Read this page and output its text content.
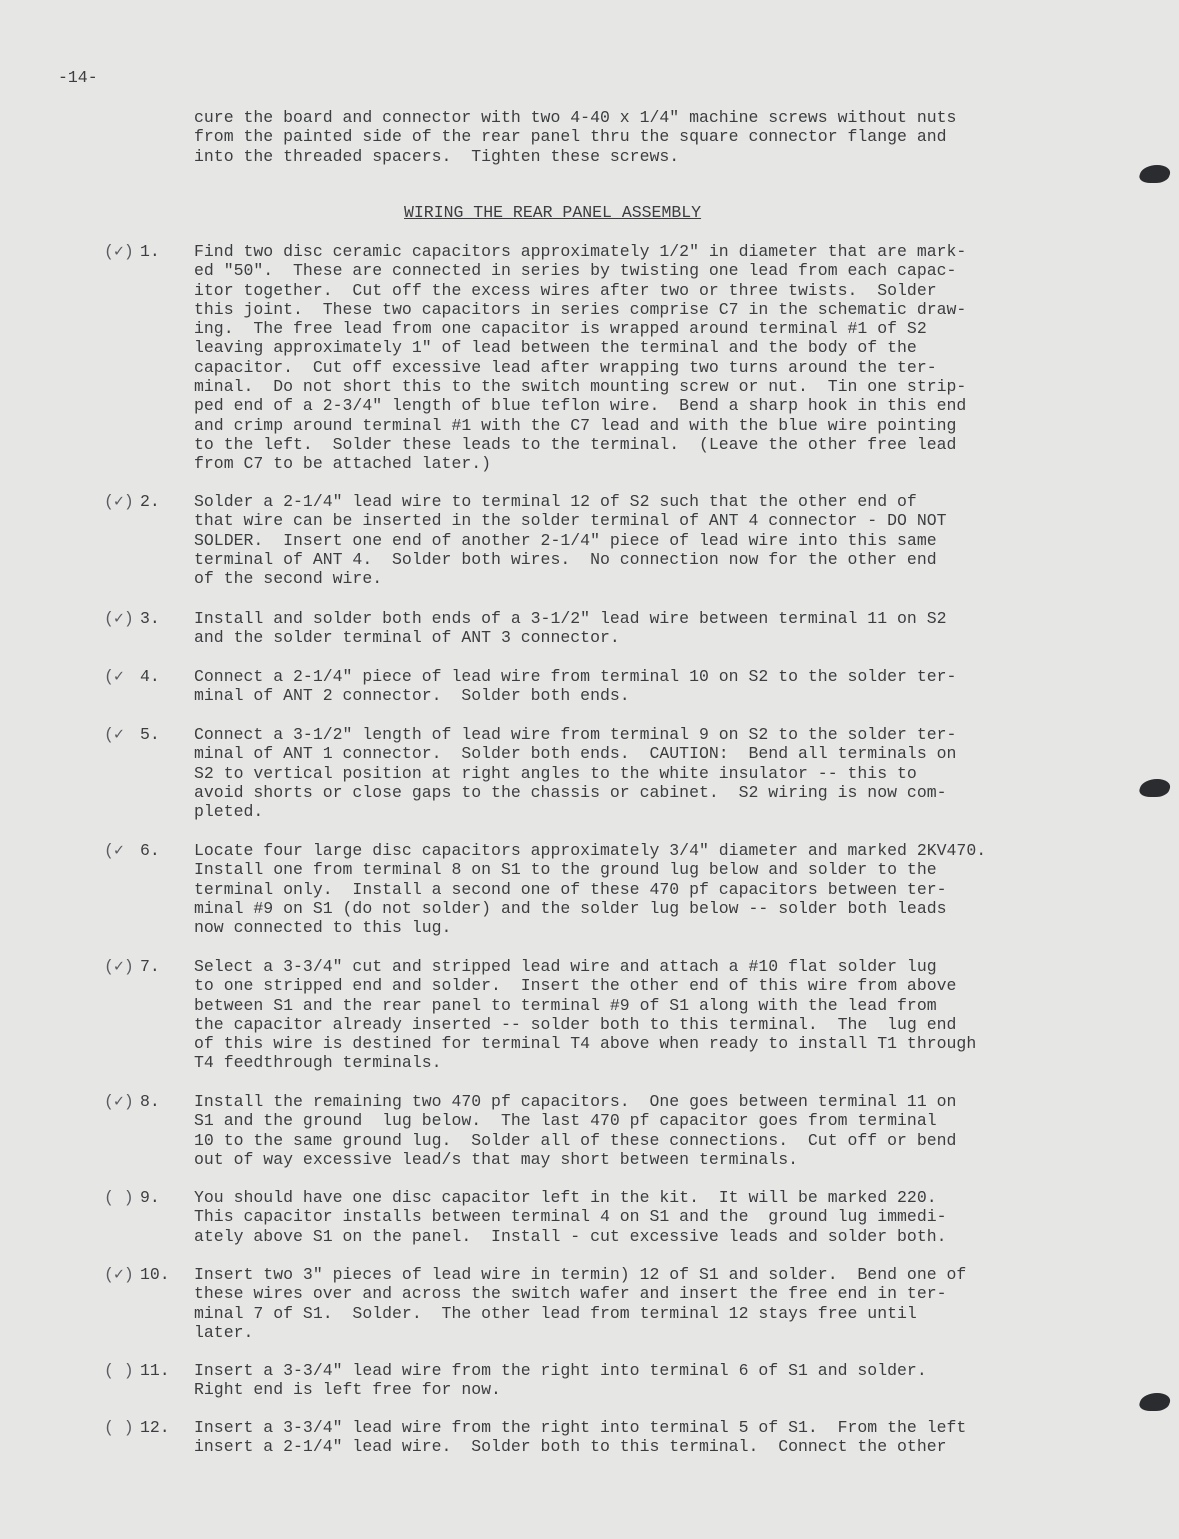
-14-
cure the board and connector with two 4-40 x 1/4" machine screws without nuts
from the painted side of the rear panel thru the square connector flange and
into the threaded spacers.  Tighten these screws.
WIRING THE REAR PANEL ASSEMBLY
(✓) 1.	Find two disc ceramic capacitors approximately 1/2" in diameter that are mark-
ed "50".  These are connected in series by twisting one lead from each capac-
itor together.  Cut off the excess wires after two or three twists.  Solder
this joint.  These two capacitors in series comprise C7 in the schematic draw-
ing.  The free lead from one capacitor is wrapped around terminal #1 of S2
leaving approximately 1" of lead between the terminal and the body of the
capacitor.  Cut off excessive lead after wrapping two turns around the ter-
minal.  Do not short this to the switch mounting screw or nut.  Tin one strip-
ped end of a 2-3/4" length of blue teflon wire.  Bend a sharp hook in this end
and crimp around terminal #1 with the C7 lead and with the blue wire pointing
to the left.  Solder these leads to the terminal.  (Leave the other free lead
from C7 to be attached later.)
(✓) 2.	Solder a 2-1/4" lead wire to terminal 12 of S2 such that the other end of
that wire can be inserted in the solder terminal of ANT 4 connector - DO NOT
SOLDER.  Insert one end of another 2-1/4" piece of lead wire into this same
terminal of ANT 4.  Solder both wires.  No connection now for the other end
of the second wire.
(✓) 3.	Install and solder both ends of a 3-1/2" lead wire between terminal 11 on S2
and the solder terminal of ANT 3 connector.
(✓ 4.	Connect a 2-1/4" piece of lead wire from terminal 10 on S2 to the solder ter-
minal of ANT 2 connector.  Solder both ends.
(✓ 5.	Connect a 3-1/2" length of lead wire from terminal 9 on S2 to the solder ter-
minal of ANT 1 connector.  Solder both ends.  CAUTION:  Bend all terminals on
S2 to vertical position at right angles to the white insulator -- this to
avoid shorts or close gaps to the chassis or cabinet.  S2 wiring is now com-
pleted.
(✓ 6.	Locate four large disc capacitors approximately 3/4" diameter and marked 2KV470.
Install one from terminal 8 on S1 to the ground lug below and solder to the
terminal only.  Install a second one of these 470 pf capacitors between ter-
minal #9 on S1 (do not solder) and the solder lug below -- solder both leads
now connected to this lug.
(✓) 7.	Select a 3-3/4" cut and stripped lead wire and attach a #10 flat solder lug
to one stripped end and solder.  Insert the other end of this wire from above
between S1 and the rear panel to terminal #9 of S1 along with the lead from
the capacitor already inserted -- solder both to this terminal.  The  lug end
of this wire is destined for terminal T4 above when ready to install T1 through
T4 feedthrough terminals.
(✓) 8.	Install the remaining two 470 pf capacitors.  One goes between terminal 11 on
S1 and the ground  lug below.  The last 470 pf capacitor goes from terminal
10 to the same ground lug.  Solder all of these connections.  Cut off or bend
out of way excessive lead/s that may short between terminals.
( ) 9.	You should have one disc capacitor left in the kit.  It will be marked 220.
This capacitor installs between terminal 4 on S1 and the  ground lug immedi-
ately above S1 on the panel.  Install - cut excessive leads and solder both.
(✓) 10.	Insert two 3" pieces of lead wire in termin) 12 of S1 and solder.  Bend one of
these wires over and across the switch wafer and insert the free end in ter-
minal 7 of S1.  Solder.  The other lead from terminal 12 stays free until
later.
( ) 11.	Insert a 3-3/4" lead wire from the right into terminal 6 of S1 and solder.
Right end is left free for now.
( ) 12.	Insert a 3-3/4" lead wire from the right into terminal 5 of S1.  From the left
insert a 2-1/4" lead wire.  Solder both to this terminal.  Connect the other
